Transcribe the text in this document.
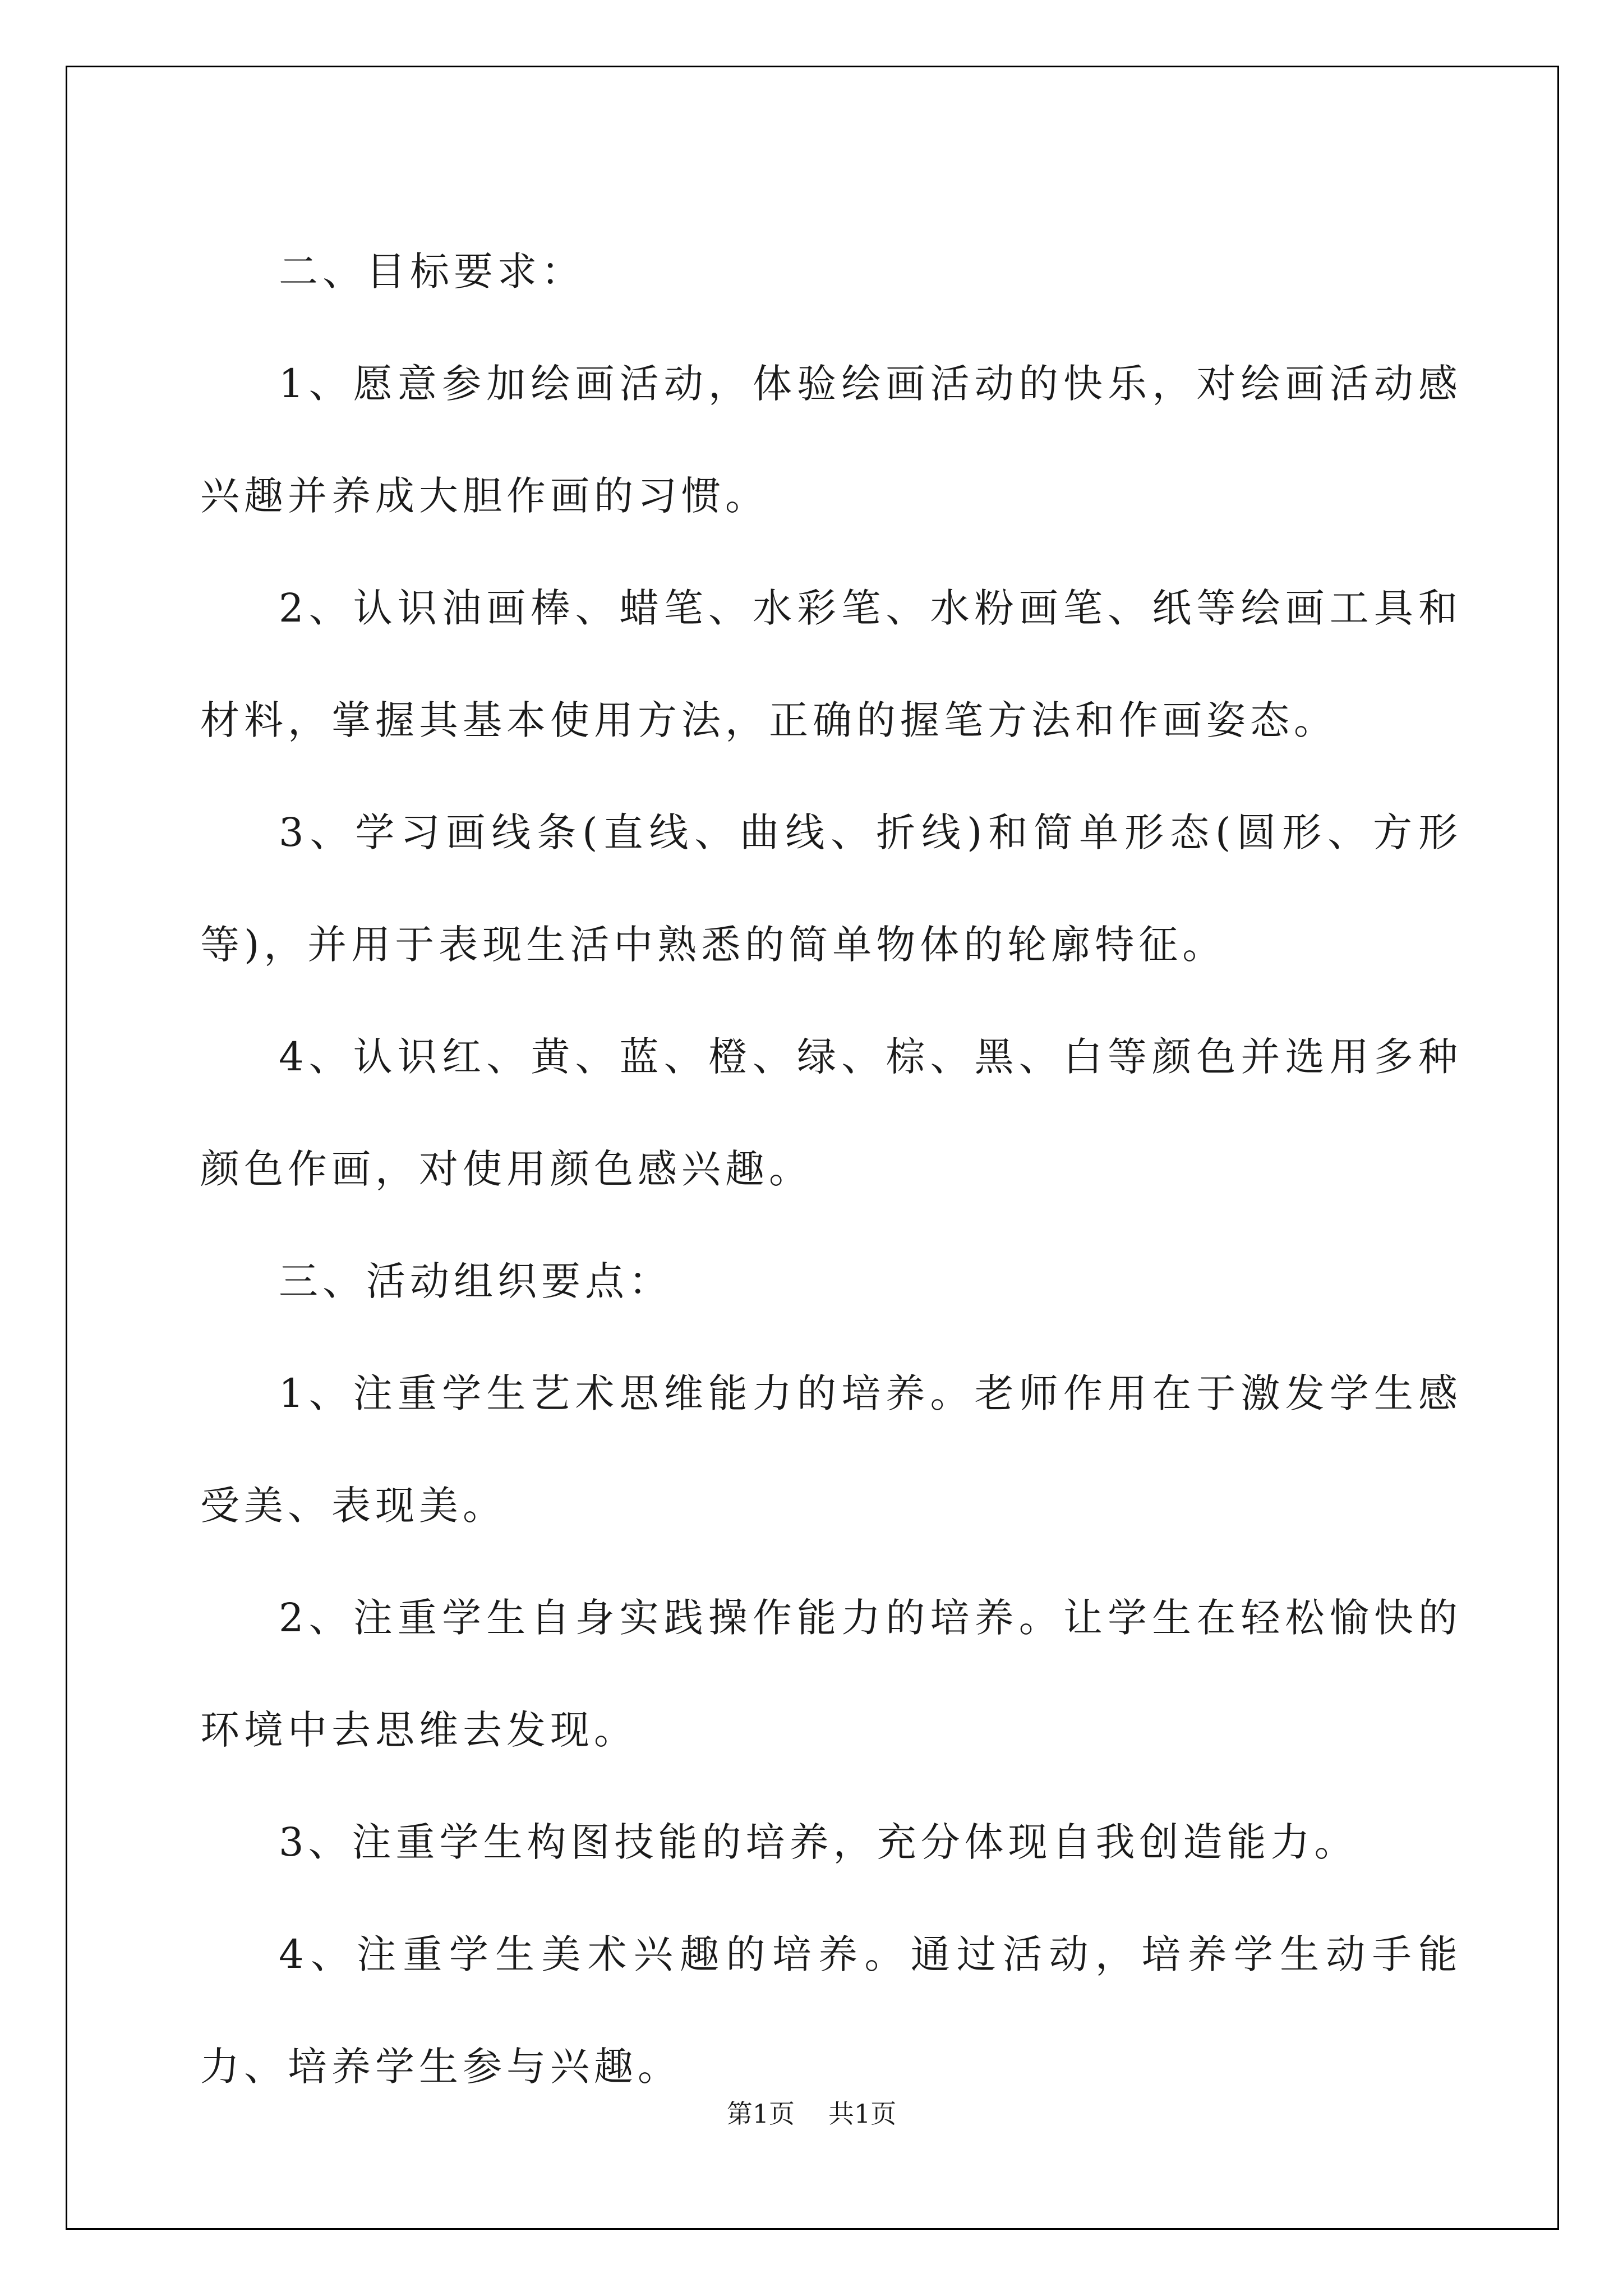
二、目标要求：

1、愿意参加绘画活动，体验绘画活动的快乐，对绘画活动感兴趣并养成大胆作画的习惯。

2、认识油画棒、蜡笔、水彩笔、水粉画笔、纸等绘画工具和材料，掌握其基本使用方法，正确的握笔方法和作画姿态。

3、学习画线条(直线、曲线、折线)和简单形态(圆形、方形等)，并用于表现生活中熟悉的简单物体的轮廓特征。

4、认识红、黄、蓝、橙、绿、棕、黑、白等颜色并选用多种颜色作画，对使用颜色感兴趣。

三、活动组织要点：

1、注重学生艺术思维能力的培养。老师作用在于激发学生感受美、表现美。

2、注重学生自身实践操作能力的培养。让学生在轻松愉快的环境中去思维去发现。

3、注重学生构图技能的培养，充分体现自我创造能力。

4、注重学生美术兴趣的培养。通过活动，培养学生动手能力、培养学生参与兴趣。

第1页 共1页
